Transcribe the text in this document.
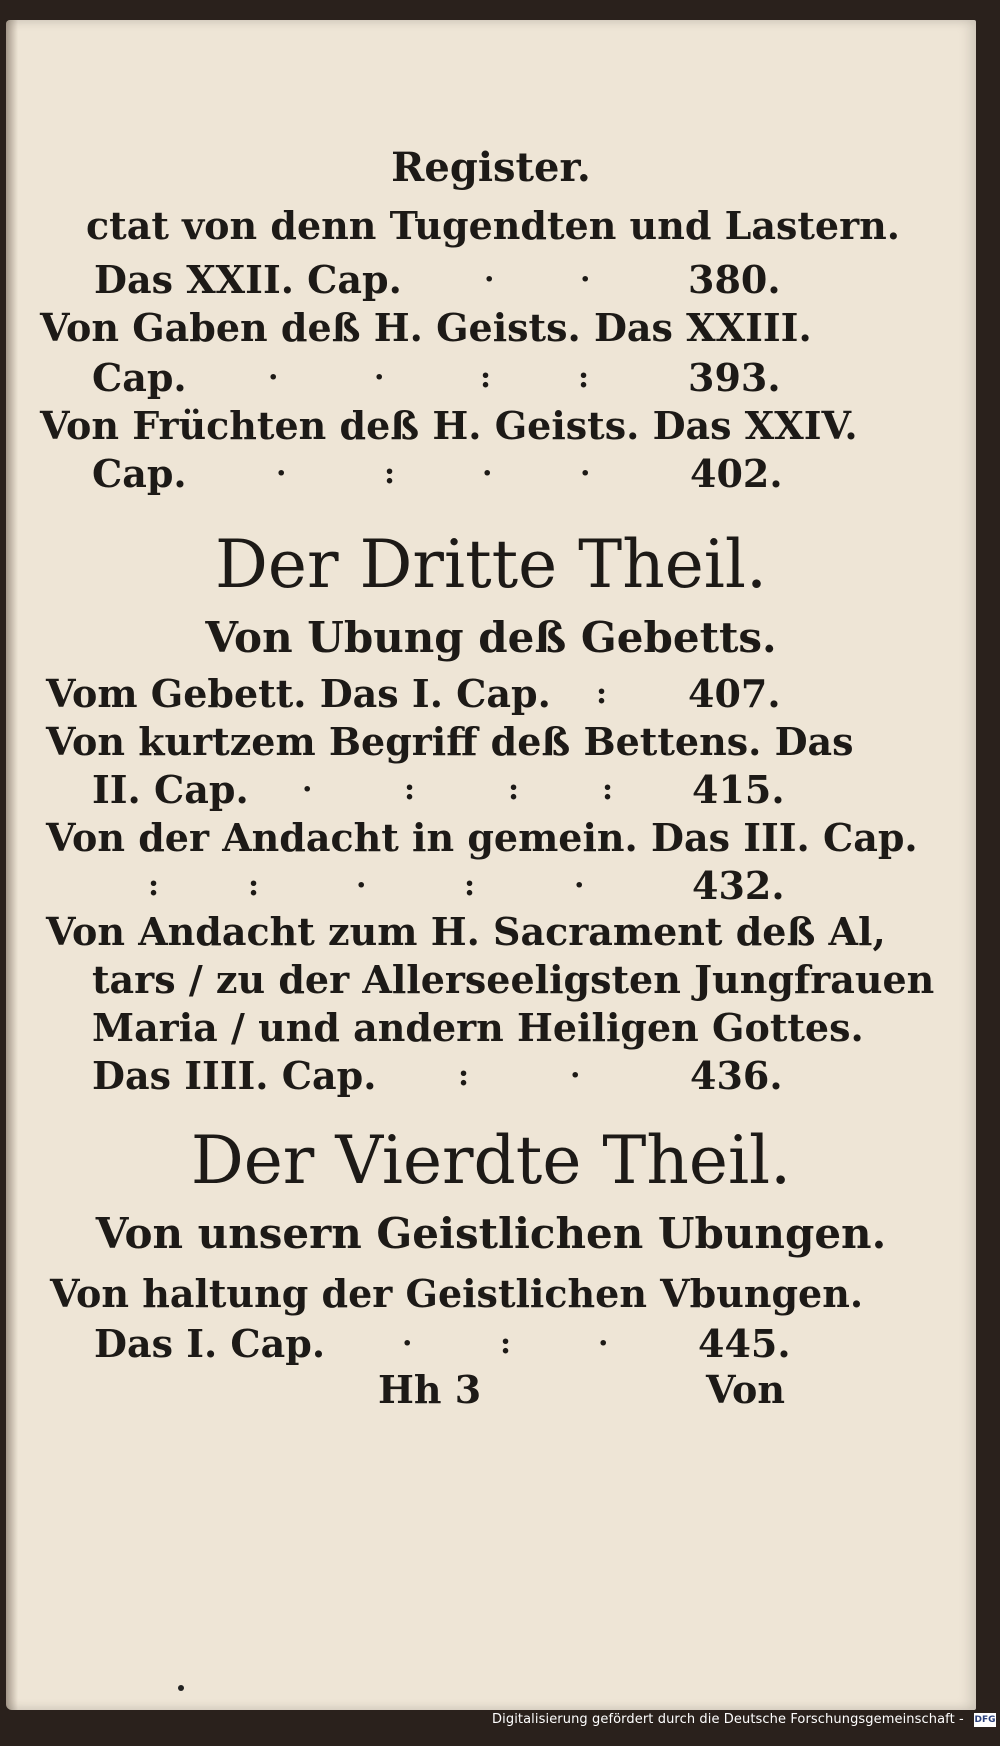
Register.
ctat von denn Tugendten und Lastern.
Das XXII. Cap.	·	·	380.
Von Gaben deß H. Geists. Das XXIII.
Cap.	·	·	:	:	393.
Von Früchten deß H. Geists. Das XXIV.
Cap.	·	:	·	·	402.
Der Dritte Theil.
Von Ubung deß Gebetts.
Vom Gebett. Das I. Cap. : 407.
Von kurtzem Begriff deß Bettens. Das
II. Cap. ·	:	:	: 415.
Von der Andacht in gemein. Das III. Cap.
:	:	·	:	·	432.
Von Andacht zum H. Sacrament deß Al,
tars / zu der Allerseeligsten Jungfrauen
Maria / und andern Heiligen Gottes.
Das IIII. Cap.	:	·	436.
Der Vierdte Theil.
Von unsern Geistlichen Ubungen.
Von haltung der Geistlichen Vbungen.
Das I. Cap.	·	:	· 445.
Hh 3	Von
Digitalisierung gefördert durch die Deutsche Forschungsgemeinschaft - DFG
